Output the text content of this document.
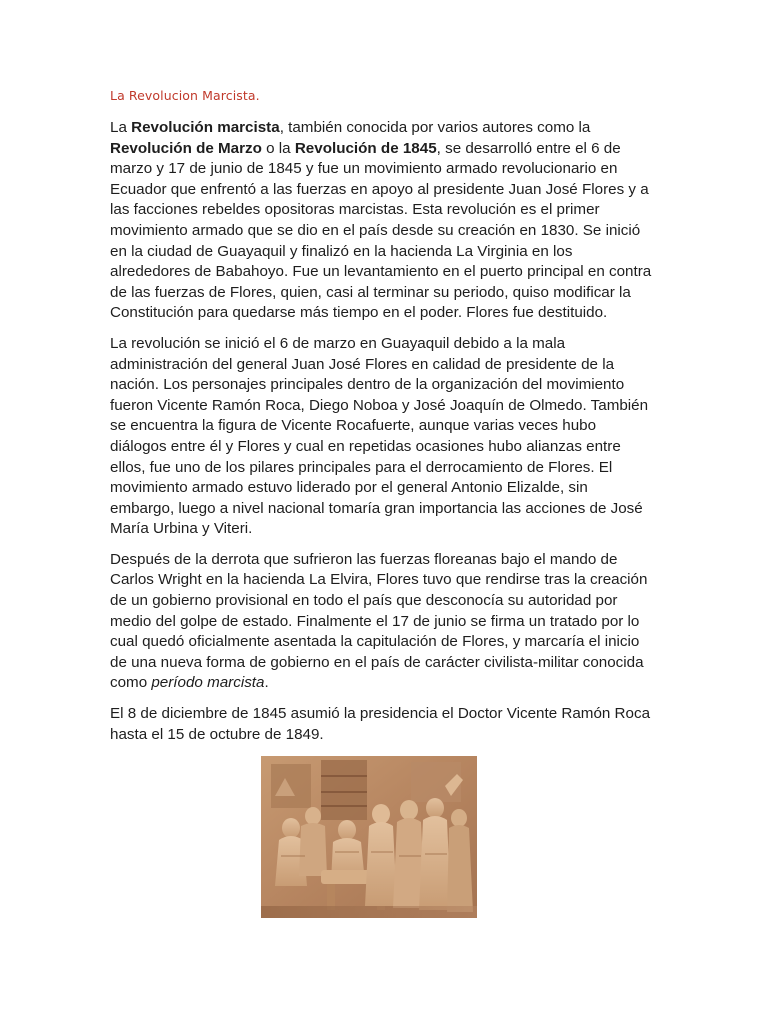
La Revolucion Marcista.

La Revolución marcista, también conocida por varios autores como la Revolución de Marzo o la Revolución de 1845, se desarrolló entre el 6 de marzo y 17 de junio de 1845 y fue un movimiento armado revolucionario en Ecuador que enfrentó a las fuerzas en apoyo al presidente Juan José Flores y a las facciones rebeldes opositoras marcistas. Esta revolución es el primer movimiento armado que se dio en el país desde su creación en 1830. Se inició en la ciudad de Guayaquil y finalizó en la hacienda La Virginia en los alrededores de Babahoyo. Fue un levantamiento en el puerto principal en contra de las fuerzas de Flores, quien, casi al terminar su periodo, quiso modificar la Constitución para quedarse más tiempo en el poder. Flores fue destituido.

La revolución se inició el 6 de marzo en Guayaquil debido a la mala administración del general Juan José Flores en calidad de presidente de la nación. Los personajes principales dentro de la organización del movimiento fueron Vicente Ramón Roca, Diego Noboa y José Joaquín de Olmedo. También se encuentra la figura de Vicente Rocafuerte, aunque varias veces hubo diálogos entre él y Flores y cual en repetidas ocasiones hubo alianzas entre ellos, fue uno de los pilares principales para el derrocamiento de Flores. El movimiento armado estuvo liderado por el general Antonio Elizalde, sin embargo, luego a nivel nacional tomaría gran importancia las acciones de José María Urbina y Viteri.

Después de la derrota que sufrieron las fuerzas floreanas bajo el mando de Carlos Wright en la hacienda La Elvira, Flores tuvo que rendirse tras la creación de un gobierno provisional en todo el país que desconocía su autoridad por medio del golpe de estado. Finalmente el 17 de junio se firma un tratado por lo cual quedó oficialmente asentada la capitulación de Flores, y marcaría el inicio de una nueva forma de gobierno en el país de carácter civilista-militar conocida como período marcista.

El 8 de diciembre de 1845 asumió la presidencia el Doctor Vicente Ramón Roca hasta el 15 de octubre de 1849.
